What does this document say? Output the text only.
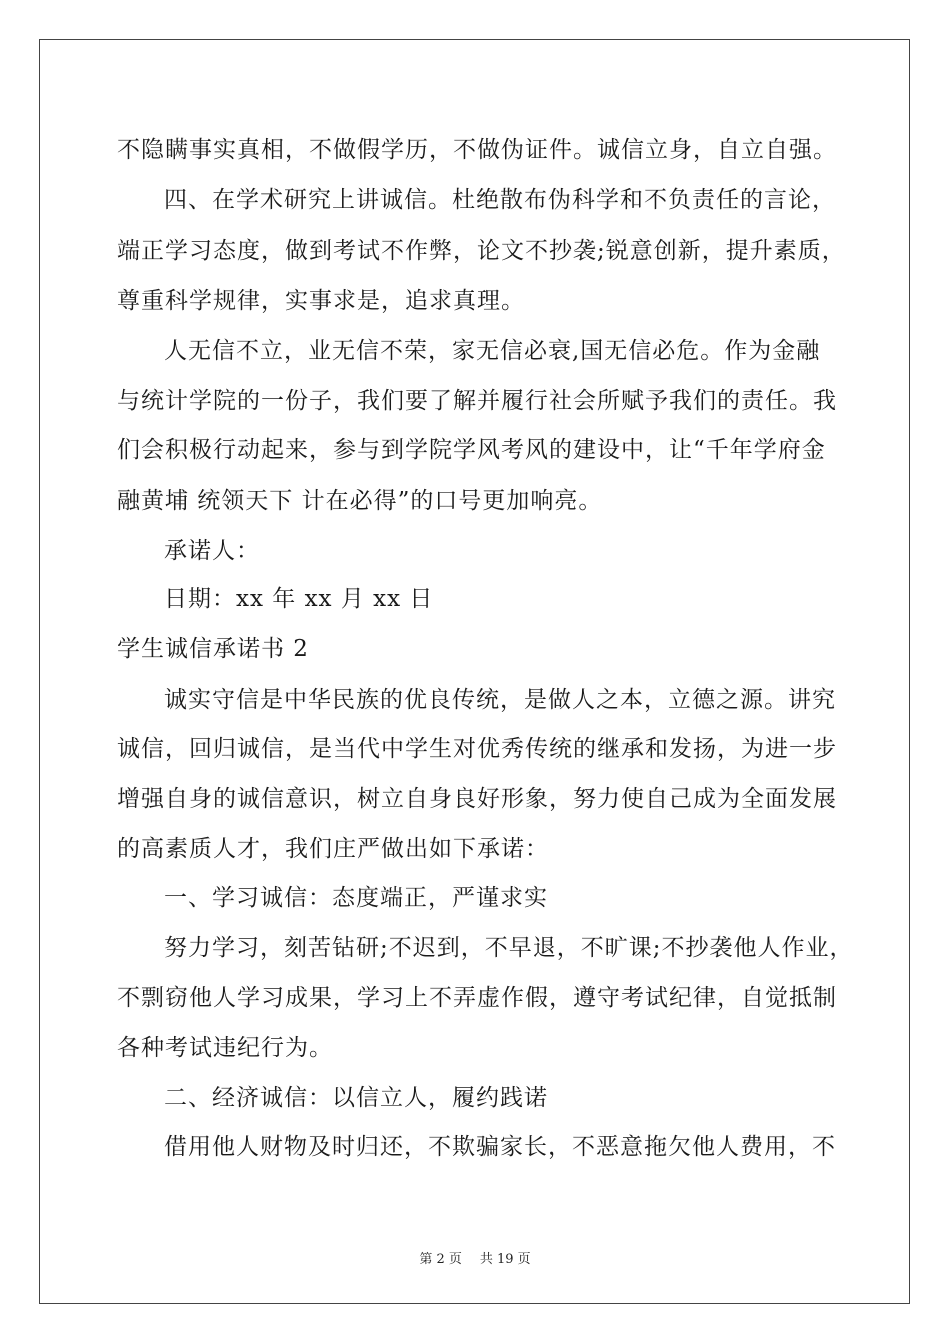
不隐瞒事实真相，不做假学历，不做伪证件。诚信立身，自立自强。
四、在学术研究上讲诚信。杜绝散布伪科学和不负责任的言论，
端正学习态度，做到考试不作弊，论文不抄袭;锐意创新，提升素质，
尊重科学规律，实事求是，追求真理。
人无信不立，业无信不荣，家无信必衰,国无信必危。作为金融
与统计学院的一份子，我们要了解并履行社会所赋予我们的责任。我
们会积极行动起来，参与到学院学风考风的建设中，让“千年学府金
融黄埔 统领天下 计在必得”的口号更加响亮。
承诺人：
日期：xx 年 xx 月 xx 日
学生诚信承诺书 2
诚实守信是中华民族的优良传统，是做人之本，立德之源。讲究
诚信，回归诚信，是当代中学生对优秀传统的继承和发扬，为进一步
增强自身的诚信意识，树立自身良好形象，努力使自己成为全面发展
的高素质人才，我们庄严做出如下承诺：
一、学习诚信：态度端正，严谨求实
努力学习，刻苦钻研;不迟到，不早退，不旷课;不抄袭他人作业，
不剽窃他人学习成果，学习上不弄虚作假，遵守考试纪律，自觉抵制
各种考试违纪行为。
二、经济诚信：以信立人，履约践诺
借用他人财物及时归还，不欺骗家长，不恶意拖欠他人费用，不
第 2 页 共 19 页
